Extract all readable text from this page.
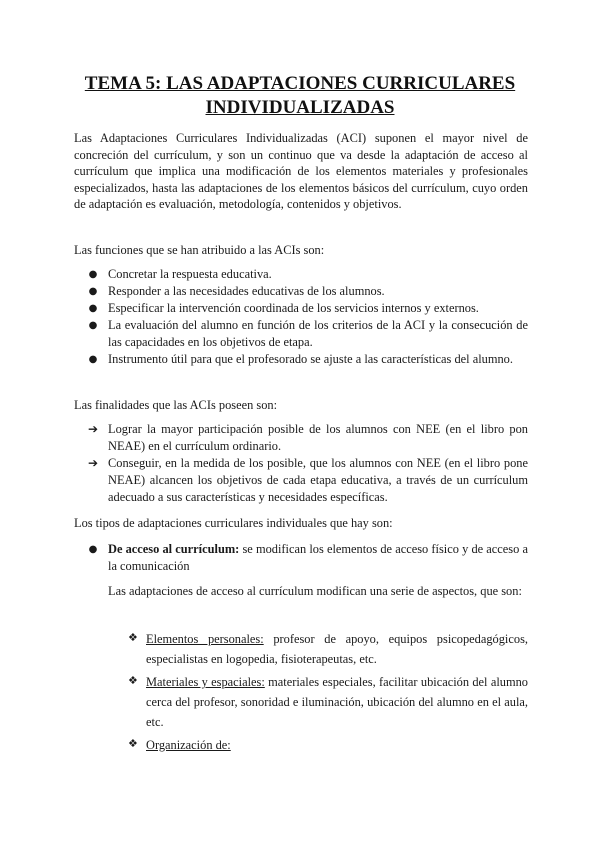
TEMA 5: LAS ADAPTACIONES CURRICULARES INDIVIDUALIZADAS
Las Adaptaciones Curriculares Individualizadas (ACI) suponen el mayor nivel de concreción del currículum, y son un continuo que va desde la adaptación de acceso al currículum que implica una modificación de los elementos materiales y profesionales especializados, hasta las adaptaciones de los elementos básicos del currículum, cuyo orden de adaptación es evaluación, metodología, contenidos y objetivos.
Las funciones que se han atribuido a las ACIs son:
● Concretar la respuesta educativa.
● Responder a las necesidades educativas de los alumnos.
● Especificar la intervención coordinada de los servicios internos y externos.
● La evaluación del alumno en función de los criterios de la ACI y la consecución de las capacidades en los objetivos de etapa.
● Instrumento útil para que el profesorado se ajuste a las características del alumno.
Las finalidades que las ACIs poseen son:
➔ Lograr la mayor participación posible de los alumnos con NEE (en el libro pon NEAE) en el currículum ordinario.
➔ Conseguir, en la medida de los posible, que los alumnos con NEE (en el libro pone NEAE) alcancen los objetivos de cada etapa educativa, a través de un currículum adecuado a sus características y necesidades específicas.
Los tipos de adaptaciones curriculares individuales que hay son:
● De acceso al currículum: se modifican los elementos de acceso físico y de acceso a la comunicación
Las adaptaciones de acceso al currículum modifican una serie de aspectos, que son:
❖ Elementos personales: profesor de apoyo, equipos psicopedagógicos, especialistas en logopedia, fisioterapeutas, etc.
❖ Materiales y espaciales: materiales especiales, facilitar ubicación del alumno cerca del profesor, sonoridad e iluminación, ubicación del alumno en el aula, etc.
❖ Organización de:
